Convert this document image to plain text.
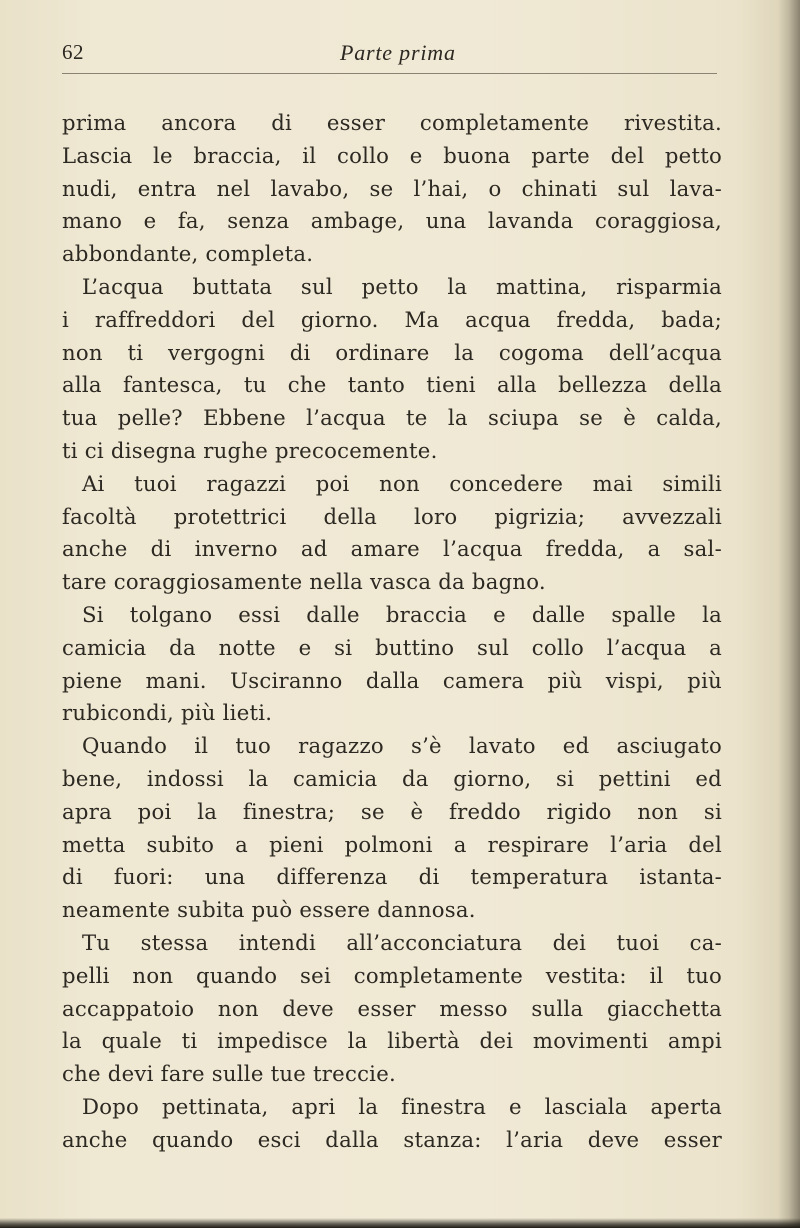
62	Parte prima
prima ancora di esser completamente rivestita.
Lascia le braccia, il collo e buona parte del petto
nudi, entra nel lavabo, se l’hai, o chinati sul lava-
mano e fa, senza ambage, una lavanda coraggiosa,
abbondante, completa.
L’acqua buttata sul petto la mattina, risparmia
i raffreddori del giorno. Ma acqua fredda, bada;
non ti vergogni di ordinare la cogoma dell’acqua
alla fantesca, tu che tanto tieni alla bellezza della
tua pelle? Ebbene l’acqua te la sciupa se è calda,
ti ci disegna rughe precocemente.
Ai tuoi ragazzi poi non concedere mai simili
facoltà protettrici della loro pigrizia; avvezzali
anche di inverno ad amare l’acqua fredda, a sal-
tare coraggiosamente nella vasca da bagno.
Si tolgano essi dalle braccia e dalle spalle la
camicia da notte e si buttino sul collo l’acqua a
piene mani. Usciranno dalla camera più vispi, più
rubicondi, più lieti.
Quando il tuo ragazzo s’è lavato ed asciugato
bene, indossi la camicia da giorno, si pettini ed
apra poi la finestra; se è freddo rigido non si
metta subito a pieni polmoni a respirare l’aria del
di fuori: una differenza di temperatura istanta-
neamente subita può essere dannosa.
Tu stessa intendi all’acconciatura dei tuoi ca-
pelli non quando sei completamente vestita: il tuo
accappatoio non deve esser messo sulla giacchetta
la quale ti impedisce la libertà dei movimenti ampi
che devi fare sulle tue treccie.
Dopo pettinata, apri la finestra e lasciala aperta
anche quando esci dalla stanza: l’aria deve esser
